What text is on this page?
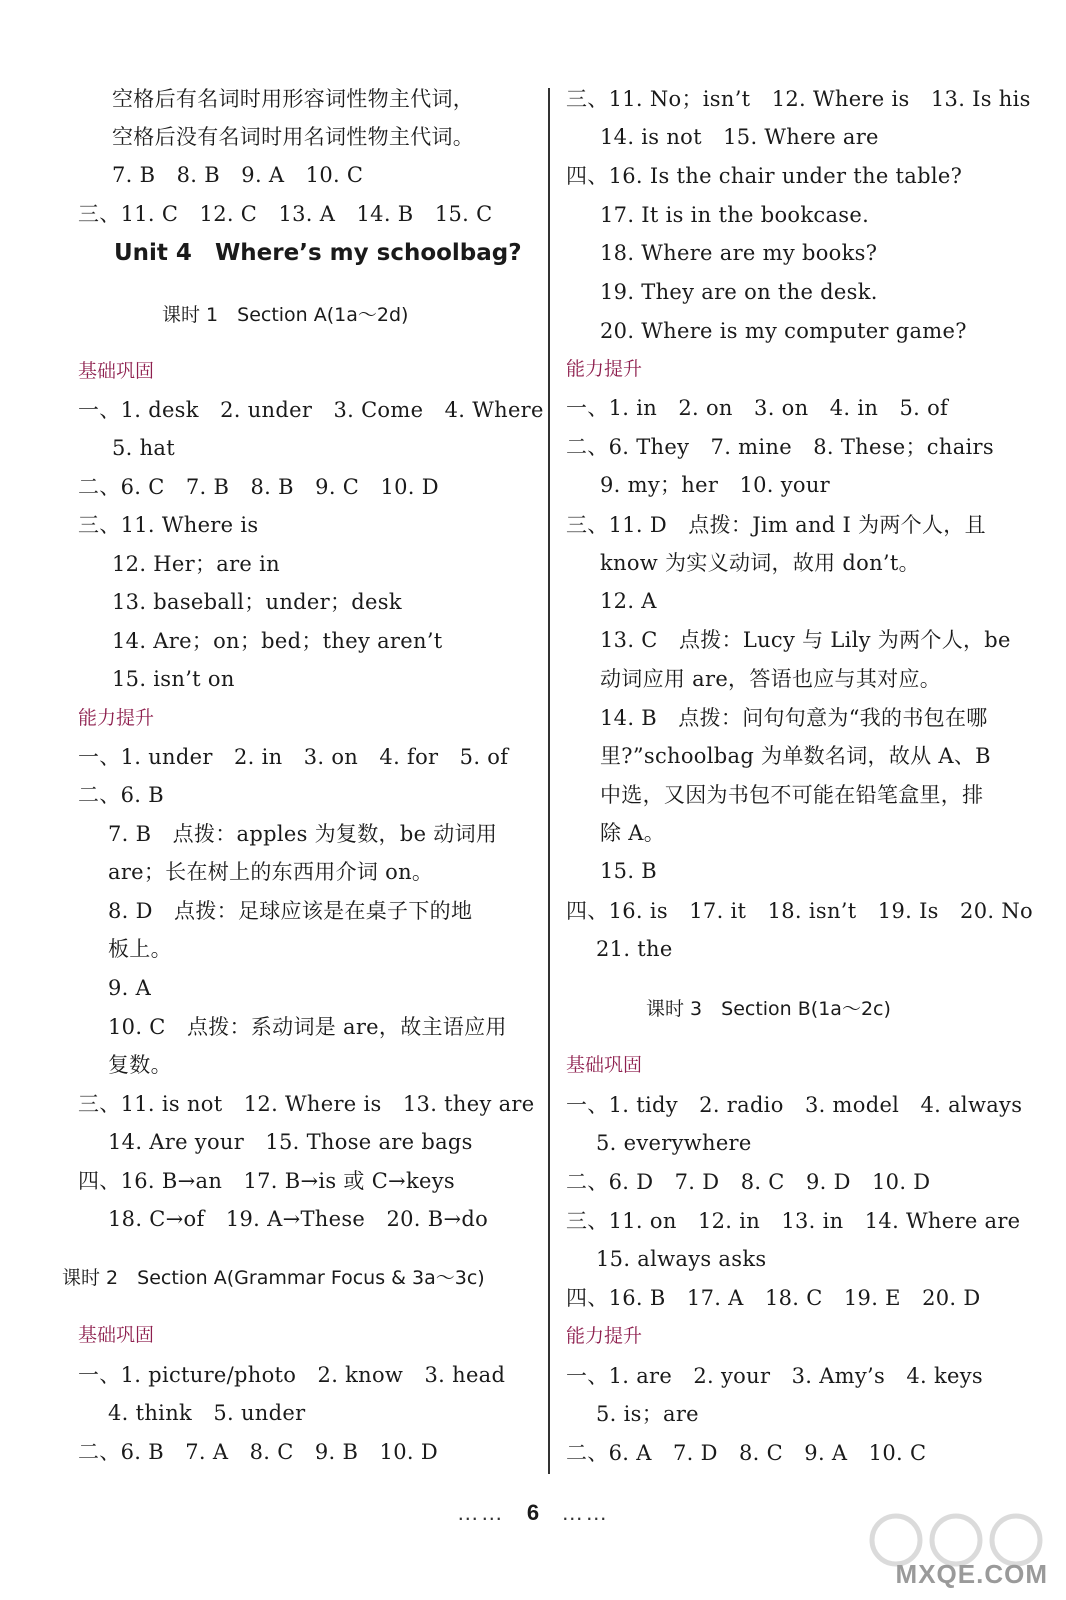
空格后有名词时用形容词性物主代词，
空格后没有名词时用名词性物主代词。
7. B　8. B　9. A　10. C
三、11. C　12. C　13. A　14. B　15. C
Unit 4　Where’s my schoolbag?
课时 1　Section A(1a～2d)
基础巩固
一、1. desk　2. under　3. Come　4. Where
5. hat
二、6. C　7. B　8. B　9. C　10. D
三、11. Where is
12. Her；are in
13. baseball；under；desk
14. Are；on；bed；they aren’t
15. isn’t on
能力提升
一、1. under　2. in　3. on　4. for　5. of
二、6. B
7. B　点拨：apples 为复数，be 动词用
are；长在树上的东西用介词 on。
8. D　点拨：足球应该是在桌子下的地
板上。
9. A
10. C　点拨：系动词是 are，故主语应用
复数。
三、11. is not　12. Where is　13. they are
14. Are your　15. Those are bags
四、16. B→an　17. B→is 或 C→keys
18. C→of　19. A→These　20. B→do
课时 2　Section A(Grammar Focus & 3a～3c)
基础巩固
一、1. picture/photo　2. know　3. head
4. think　5. under
二、6. B　7. A　8. C　9. B　10. D
三、11. No；isn’t　12. Where is　13. Is his
14. is not　15. Where are
四、16. Is the chair under the table?
17. It is in the bookcase.
18. Where are my books?
19. They are on the desk.
20. Where is my computer game?
能力提升
一、1. in　2. on　3. on　4. in　5. of
二、6. They　7. mine　8. These；chairs
9. my；her　10. your
三、11. D　点拨：Jim and I 为两个人，且
know 为实义动词，故用 don’t。
12. A
13. C　点拨：Lucy 与 Lily 为两个人，be
动词应用 are，答语也应与其对应。
14. B　点拨：问句句意为“我的书包在哪
里?”schoolbag 为单数名词，故从 A、B
中选，又因为书包不可能在铅笔盒里，排
除 A。
15. B
四、16. is　17. it　18. isn’t　19. Is　20. No
21. the
课时 3　Section B(1a～2c)
基础巩固
一、1. tidy　2. radio　3. model　4. always
5. everywhere
二、6. D　7. D　8. C　9. D　10. D
三、11. on　12. in　13. in　14. Where are
15. always asks
四、16. B　17. A　18. C　19. E　20. D
能力提升
一、1. are　2. your　3. Amy’s　4. keys
5. is；are
二、6. A　7. D　8. C　9. A　10. C
…… 6 ……
MXQE.COM
